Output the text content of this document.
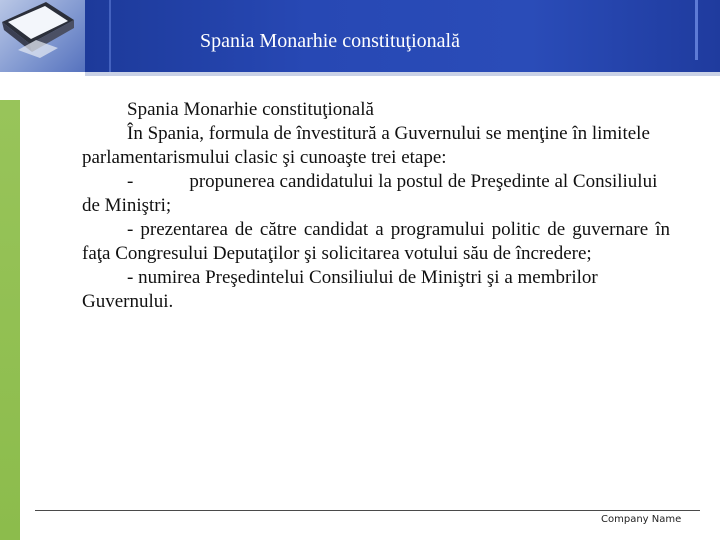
Spania Monarhie constituţională

Spania Monarhie constituţională

În Spania, formula de învestitură a Guvernului se menţine în limitele parlamentarismului clasic şi cunoaşte trei etape:

-	propunerea candidatului la postul de Preşedinte al Consiliului de Miniştri;

- prezentarea de către candidat a programului politic de guvernare în faţa Congresului Deputaţilor şi solicitarea votului său de încredere;

- numirea Preşedintelui Consiliului de Miniştri şi a membrilor Guvernului.

Company Name
